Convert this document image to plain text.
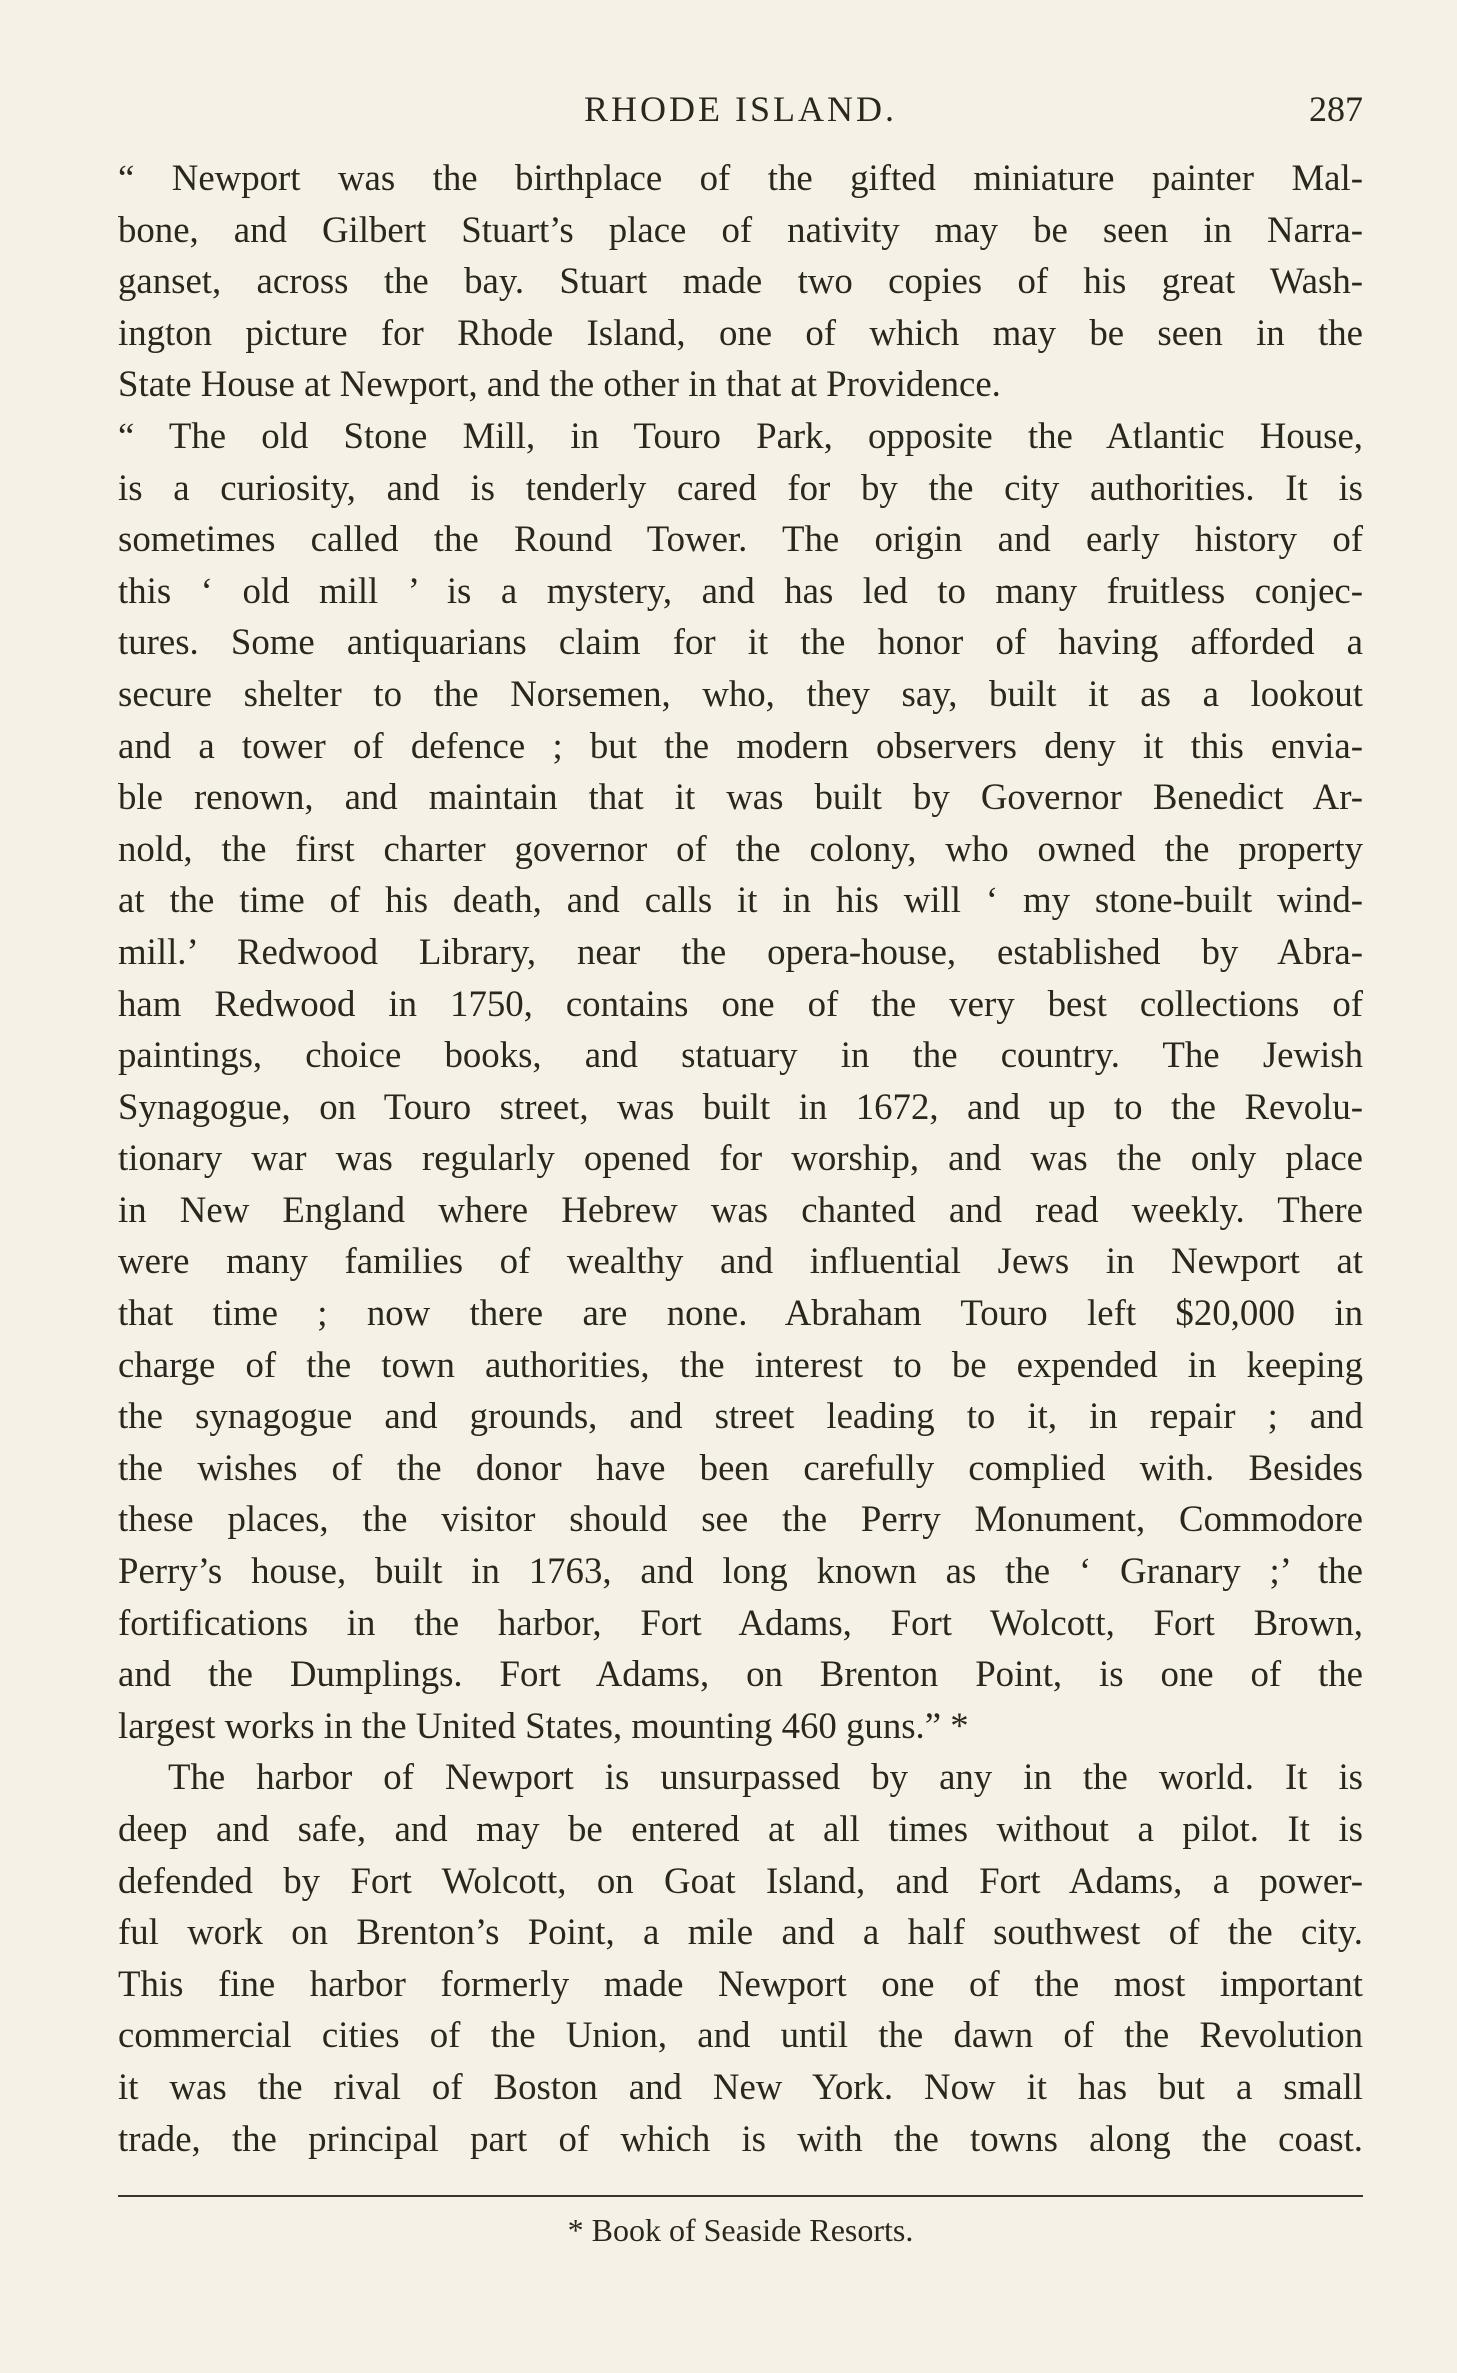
RHODE ISLAND.	287
“ Newport was the birthplace of the gifted miniature painter Mal-
bone, and Gilbert Stuart’s place of nativity may be seen in Narra-
ganset, across the bay. Stuart made two copies of his great Wash-
ington picture for Rhode Island, one of which may be seen in the
State House at Newport, and the other in that at Providence.
“ The old Stone Mill, in Touro Park, opposite the Atlantic House,
is a curiosity, and is tenderly cared for by the city authorities. It is
sometimes called the Round Tower. The origin and early history of
this ‘ old mill ’ is a mystery, and has led to many fruitless conjec-
tures. Some antiquarians claim for it the honor of having afforded a
secure shelter to the Norsemen, who, they say, built it as a lookout
and a tower of defence ; but the modern observers deny it this envia-
ble renown, and maintain that it was built by Governor Benedict Ar-
nold, the first charter governor of the colony, who owned the property
at the time of his death, and calls it in his will ‘ my stone-built wind-
mill.’ Redwood Library, near the opera-house, established by Abra-
ham Redwood in 1750, contains one of the very best collections of
paintings, choice books, and statuary in the country. The Jewish
Synagogue, on Touro street, was built in 1672, and up to the Revolu-
tionary war was regularly opened for worship, and was the only place
in New England where Hebrew was chanted and read weekly. There
were many families of wealthy and influential Jews in Newport at
that time ; now there are none. Abraham Touro left $20,000 in
charge of the town authorities, the interest to be expended in keeping
the synagogue and grounds, and street leading to it, in repair ; and
the wishes of the donor have been carefully complied with. Besides
these places, the visitor should see the Perry Monument, Commodore
Perry’s house, built in 1763, and long known as the ‘ Granary ;’ the
fortifications in the harbor, Fort Adams, Fort Wolcott, Fort Brown,
and the Dumplings. Fort Adams, on Brenton Point, is one of the
largest works in the United States, mounting 460 guns.” *
The harbor of Newport is unsurpassed by any in the world. It is
deep and safe, and may be entered at all times without a pilot. It is
defended by Fort Wolcott, on Goat Island, and Fort Adams, a power-
ful work on Brenton’s Point, a mile and a half southwest of the city.
This fine harbor formerly made Newport one of the most important
commercial cities of the Union, and until the dawn of the Revolution
it was the rival of Boston and New York. Now it has but a small
trade, the principal part of which is with the towns along the coast.
* Book of Seaside Resorts.
